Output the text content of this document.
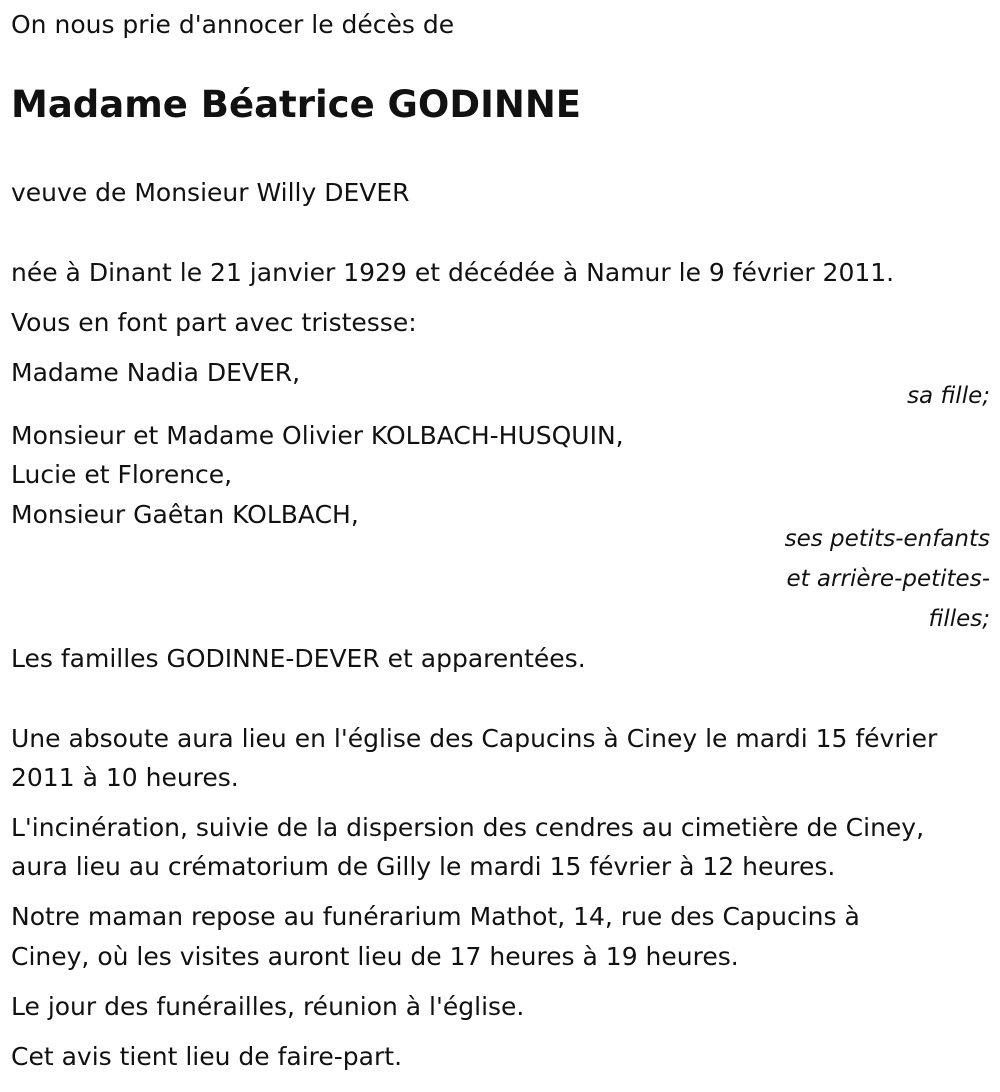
On nous prie d'annocer le décès de

Madame Béatrice GODINNE

veuve de Monsieur Willy DEVER

née à Dinant le 21 janvier 1929 et décédée à Namur le 9 février 2011.

Vous en font part avec tristesse:

Madame Nadia DEVER,

sa fille;

Monsieur et Madame Olivier KOLBACH-HUSQUIN,

Lucie et Florence,

Monsieur Gaêtan KOLBACH,

ses petits-enfants

et arrière-petites-

filles;

Les familles GODINNE-DEVER et apparentées.

Une absoute aura lieu en l'église des Capucins à Ciney le mardi 15 février

2011 à 10 heures.

L'incinération, suivie de la dispersion des cendres au cimetière de Ciney,

aura lieu au crématorium de Gilly le mardi 15 février à 12 heures.

Notre maman repose au funérarium Mathot, 14, rue des Capucins à

Ciney, où les visites auront lieu de 17 heures à 19 heures.

Le jour des funérailles, réunion à l'église.

Cet avis tient lieu de faire-part.
